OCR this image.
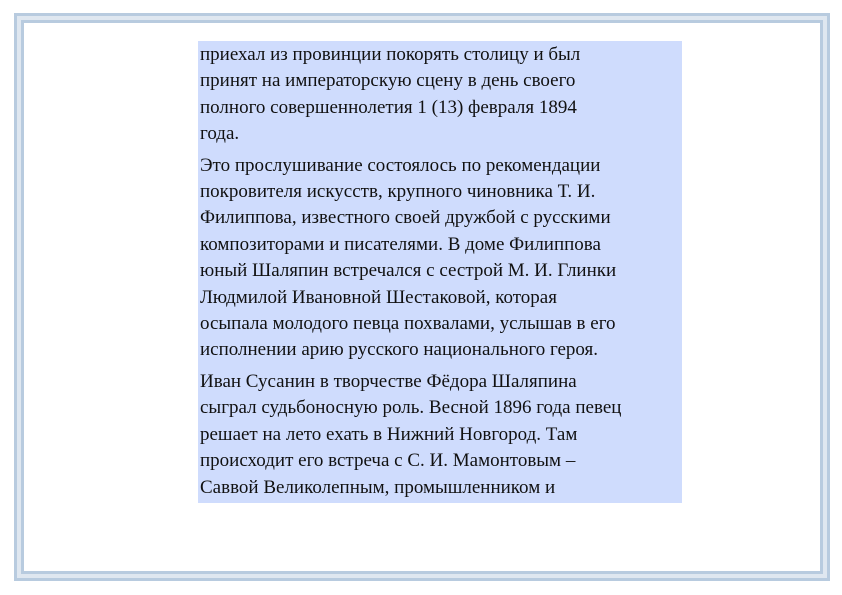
приехал из провинции покорять столицу и был
принят на императорскую сцену в день своего
полного совершеннолетия 1 (13) февраля 1894
года.

Это прослушивание состоялось по рекомендации
покровителя искусств, крупного чиновника Т. И.
Филиппова, известного своей дружбой с русскими
композиторами и писателями. В доме Филиппова
юный Шаляпин встречался с сестрой М. И. Глинки
Людмилой Ивановной Шестаковой, которая
осыпала молодого певца похвалами, услышав в его
исполнении арию русского национального героя.

Иван Сусанин в творчестве Фёдора Шаляпина
сыграл судьбоносную роль. Весной 1896 года певец
решает на лето ехать в Нижний Новгород. Там
происходит его встреча с С. И. Мамонтовым –
Саввой Великолепным, промышленником и
